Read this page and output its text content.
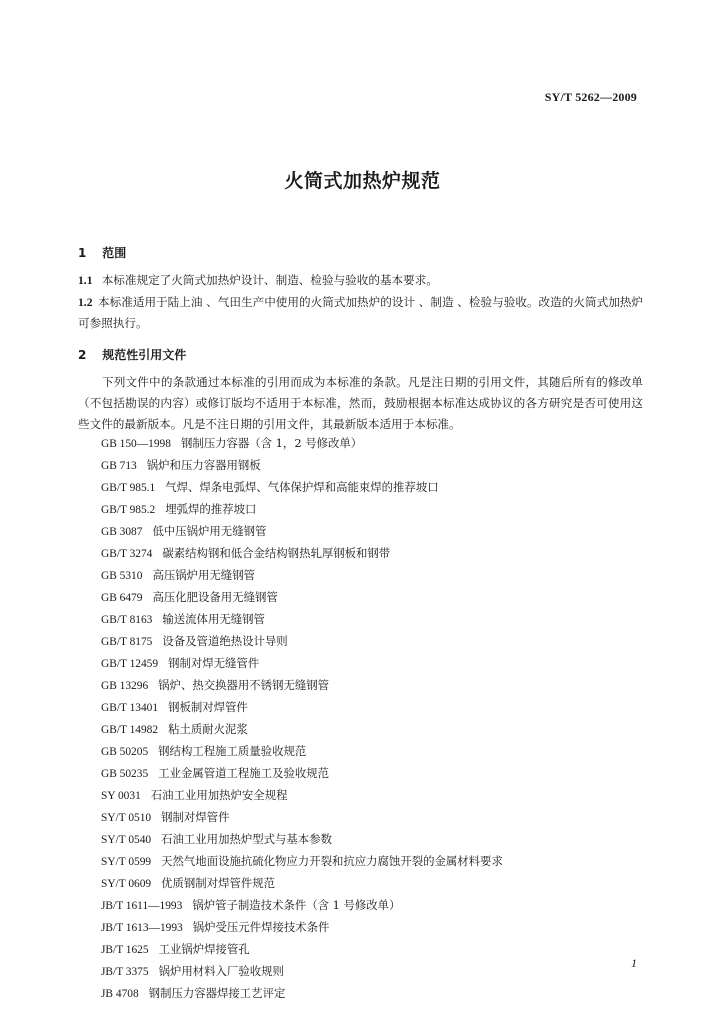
SY/T 5262—2009
火筒式加热炉规范
1 范围
1.1 本标准规定了火筒式加热炉设计、制造、检验与验收的基本要求。
1.2 本标准适用于陆上油 、气田生产中使用的火筒式加热炉的设计 、制造 、检验与验收。改造的火筒式加热炉可参照执行。
2 规范性引用文件
下列文件中的条款通过本标准的引用而成为本标准的条款。凡是注日期的引用文件，其随后所有的修改单（不包括勘误的内容）或修订版均不适用于本标准，然而，鼓励根据本标准达成协议的各方研究是否可使用这些文件的最新版本。凡是不注日期的引用文件，其最新版本适用于本标准。
GB 150—1998 钢制压力容器（含 1，2 号修改单）
GB 713 锅炉和压力容器用钢板
GB/T 985.1 气焊、焊条电弧焊、气体保护焊和高能束焊的推荐坡口
GB/T 985.2 埋弧焊的推荐坡口
GB 3087 低中压锅炉用无缝钢管
GB/T 3274 碳素结构钢和低合金结构钢热轧厚钢板和钢带
GB 5310 高压锅炉用无缝钢管
GB 6479 高压化肥设备用无缝钢管
GB/T 8163 输送流体用无缝钢管
GB/T 8175 设备及管道绝热设计导则
GB/T 12459 钢制对焊无缝管件
GB 13296 锅炉、热交换器用不锈钢无缝钢管
GB/T 13401 钢板制对焊管件
GB/T 14982 粘土质耐火泥浆
GB 50205 钢结构工程施工质量验收规范
GB 50235 工业金属管道工程施工及验收规范
SY 0031 石油工业用加热炉安全规程
SY/T 0510 钢制对焊管件
SY/T 0540 石油工业用加热炉型式与基本参数
SY/T 0599 天然气地面设施抗硫化物应力开裂和抗应力腐蚀开裂的金属材料要求
SY/T 0609 优质钢制对焊管件规范
JB/T 1611—1993 锅炉管子制造技术条件（含 1 号修改单）
JB/T 1613—1993 锅炉受压元件焊接技术条件
JB/T 1625 工业锅炉焊接管孔
JB/T 3375 锅炉用材料入厂验收规则
JB 4708 钢制压力容器焊接工艺评定
1
